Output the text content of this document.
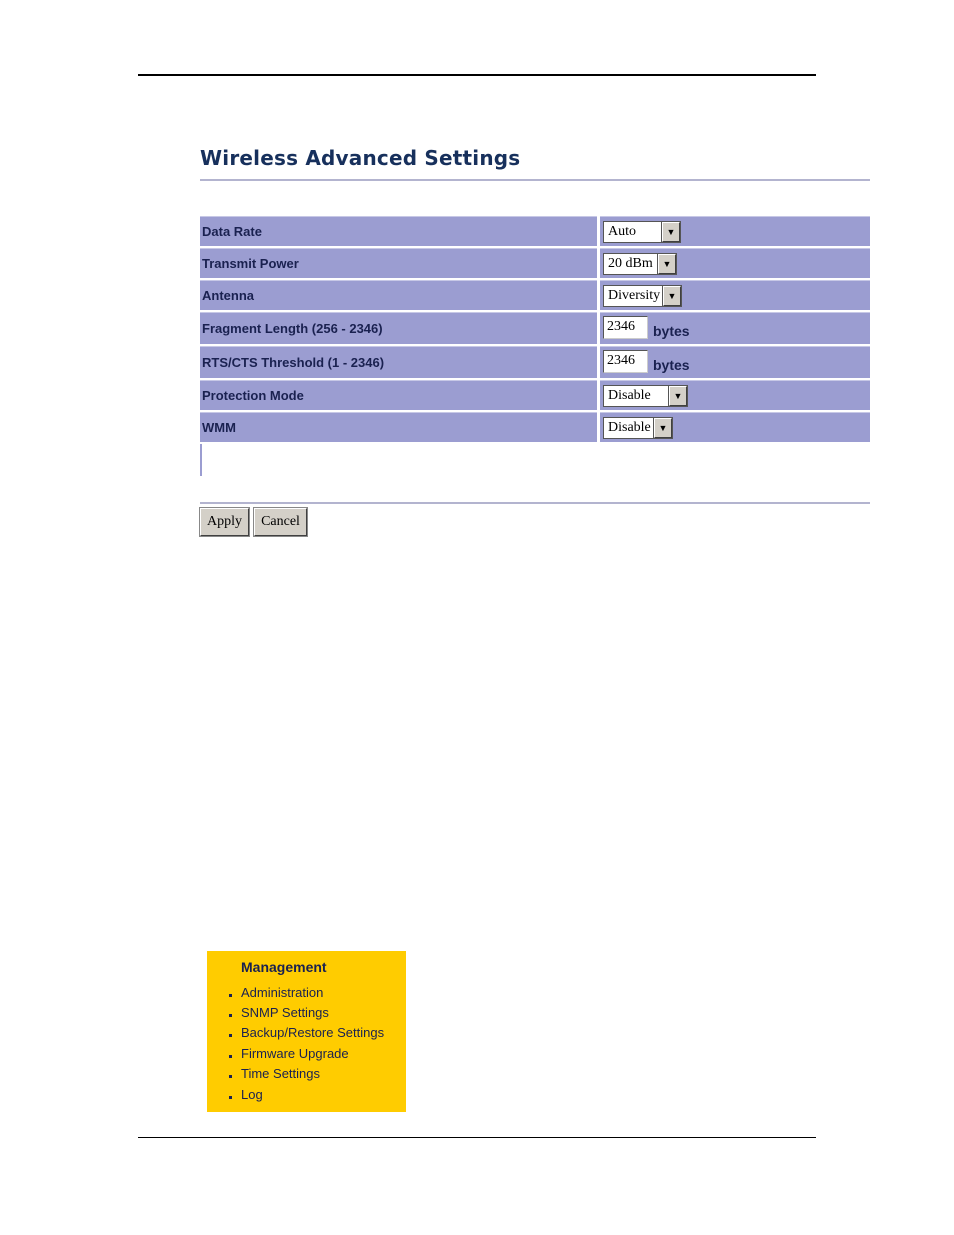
Wireless Advanced Settings
Data Rate	Auto	▼
Transmit Power	20 dBm	▼
Antenna	Diversity ▼
Fragment Length (256 - 2346)	2346	bytes
RTS/CTS Threshold (1 - 2346)	2346	bytes
Protection Mode	Disable	▼
WMM	Disable ▼
Apply	Cancel
Management
Administration
SNMP Settings
Backup/Restore Settings
Firmware Upgrade
Time Settings
Log
